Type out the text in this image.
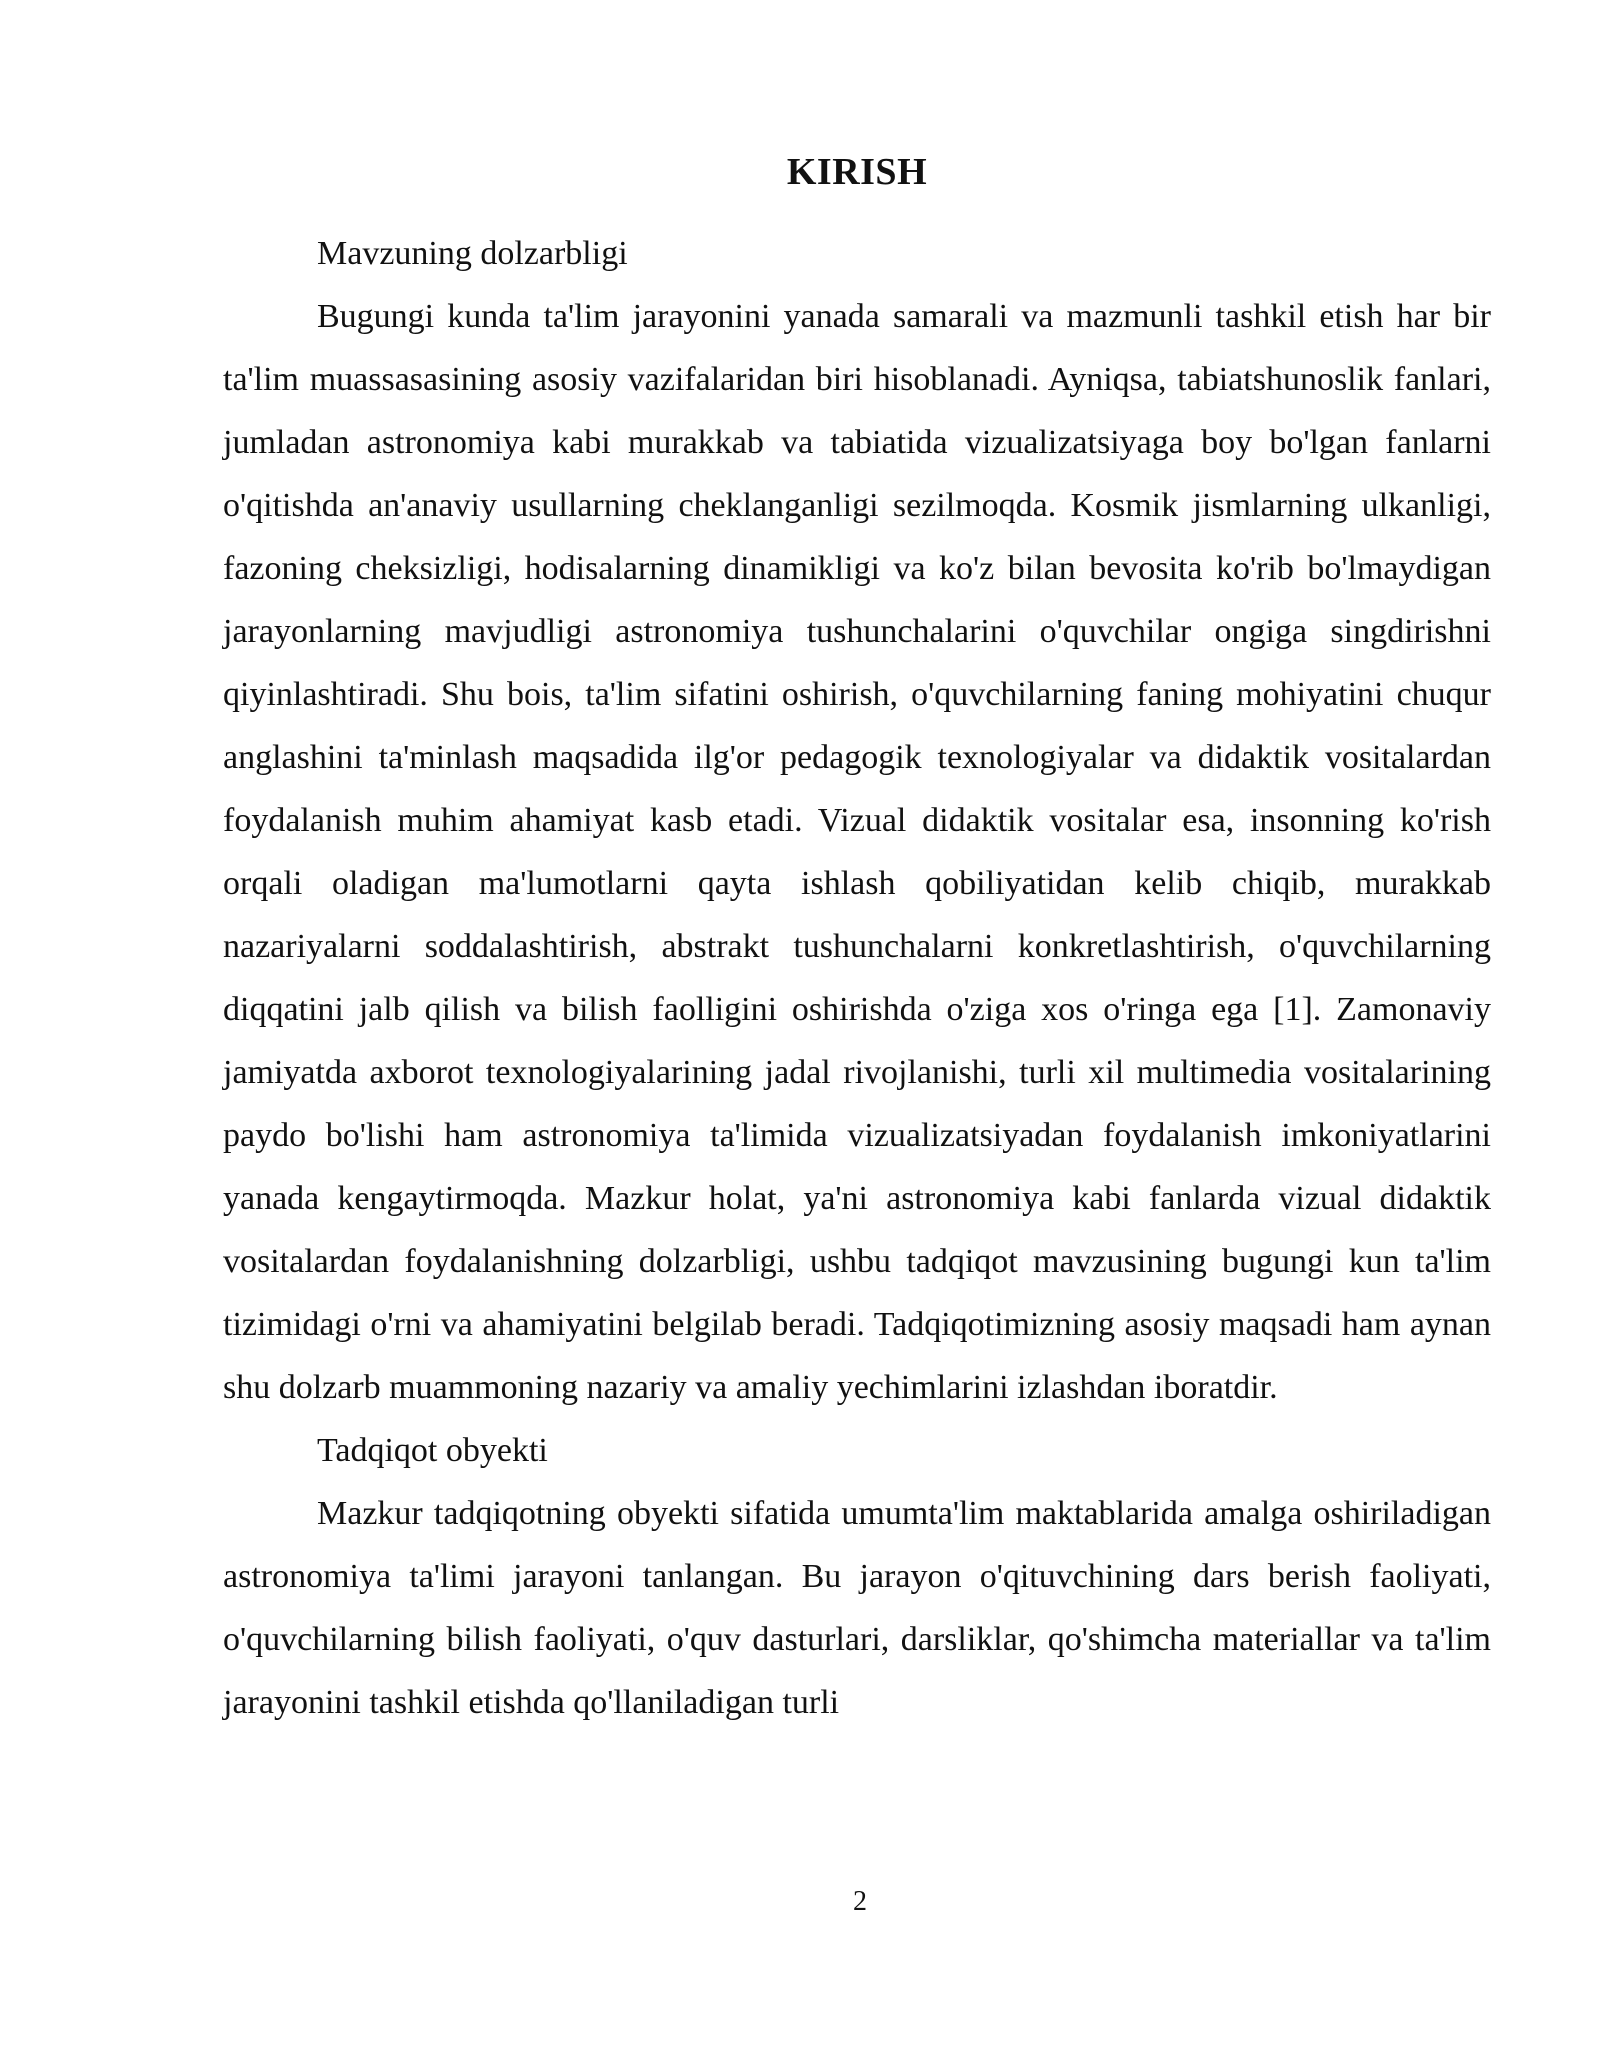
KIRISH

Mavzuning dolzarbligi

Bugungi kunda ta'lim jarayonini yanada samarali va mazmunli tashkil etish har bir ta'lim muassasasining asosiy vazifalaridan biri hisoblanadi. Ayniqsa, tabiatshunoslik fanlari, jumladan astronomiya kabi murakkab va tabiatida vizualizatsiyaga boy bo'lgan fanlarni o'qitishda an'anaviy usullarning cheklanganligi sezilmoqda. Kosmik jismlarning ulkanligi, fazoning cheksizligi, hodisalarning dinamikligi va ko'z bilan bevosita ko'rib bo'lmaydigan jarayonlarning mavjudligi astronomiya tushunchalarini o'quvchilar ongiga singdirishni qiyinlashtiradi. Shu bois, ta'lim sifatini oshirish, o'quvchilarning faning mohiyatini chuqur anglashini ta'minlash maqsadida ilg'or pedagogik texnologiyalar va didaktik vositalardan foydalanish muhim ahamiyat kasb etadi. Vizual didaktik vositalar esa, insonning ko'rish orqali oladigan ma'lumotlarni qayta ishlash qobiliyatidan kelib chiqib, murakkab nazariyalarni soddalashtirish, abstrakt tushunchalarni konkretlashtirish, o'quvchilarning diqqatini jalb qilish va bilish faolligini oshirishda o'ziga xos o'ringa ega [1]. Zamonaviy jamiyatda axborot texnologiyalarining jadal rivojlanishi, turli xil multimedia vositalarining paydo bo'lishi ham astronomiya ta'limida vizualizatsiyadan foydalanish imkoniyatlarini yanada kengaytirmoqda. Mazkur holat, ya'ni astronomiya kabi fanlarda vizual didaktik vositalardan foydalanishning dolzarbligi, ushbu tadqiqot mavzusining bugungi kun ta'lim tizimidagi o'rni va ahamiyatini belgilab beradi. Tadqiqotimizning asosiy maqsadi ham aynan shu dolzarb muammoning nazariy va amaliy yechimlarini izlashdan iboratdir.

Tadqiqot obyekti

Mazkur tadqiqotning obyekti sifatida umumta'lim maktablarida amalga oshiriladigan astronomiya ta'limi jarayoni tanlangan. Bu jarayon o'qituvchining dars berish faoliyati, o'quvchilarning bilish faoliyati, o'quv dasturlari, darsliklar, qo'shimcha materiallar va ta'lim jarayonini tashkil etishda qo'llaniladigan turli

2
